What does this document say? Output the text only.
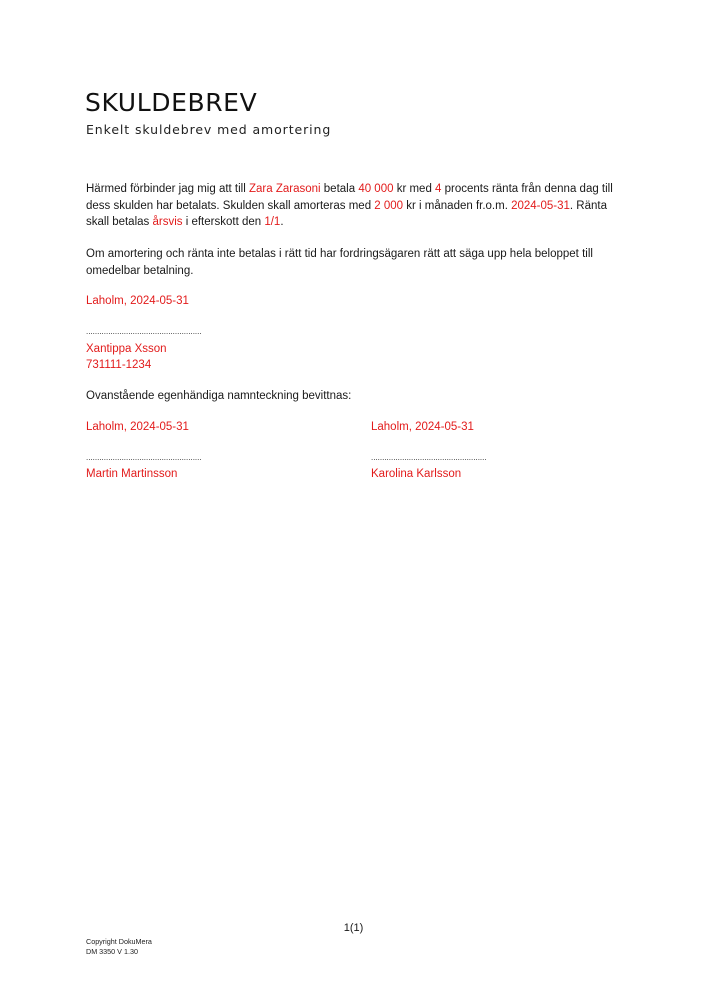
SKULDEBREV
Enkelt skuldebrev med amortering
Härmed förbinder jag mig att till Zara Zarasoni betala 40 000 kr med 4 procents ränta från denna dag till dess skulden har betalats. Skulden skall amorteras med 2 000 kr i månaden fr.o.m. 2024-05-31. Ränta skall betalas årsvis i efterskott den 1/1.
Om amortering och ränta inte betalas i rätt tid har fordringsägaren rätt att säga upp hela beloppet till omedelbar betalning.
Laholm, 2024-05-31
....................................................
Xantippa Xsson
731111-1234
Ovanstående egenhändiga namnteckning bevittnas:
Laholm, 2024-05-31	Laholm, 2024-05-31
....................................................	....................................................
Martin Martinsson	Karolina Karlsson
1(1)
Copyright DokuMera
DM 3350 V 1.30
